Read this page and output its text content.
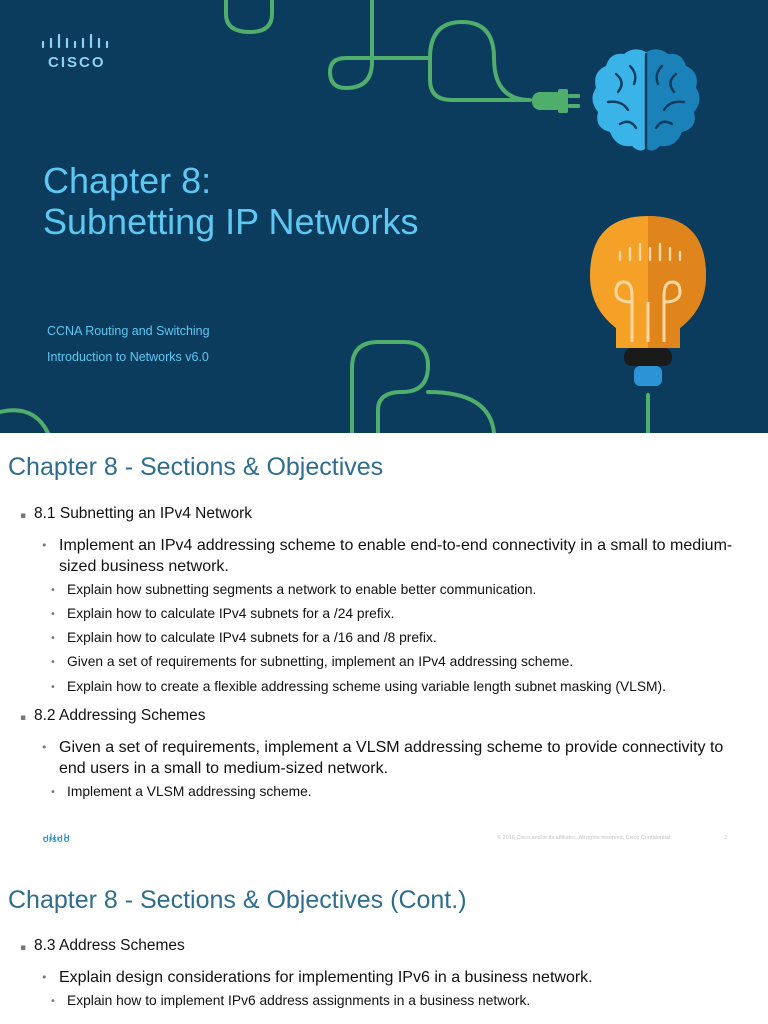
CISCO
Chapter 8:
Subnetting IP Networks
CCNA Routing and Switching
Introduction to Networks v6.0
Chapter 8 - Sections & Objectives
▪ 8.1 Subnetting an IPv4 Network
• Implement an IPv4 addressing scheme to enable end-to-end connectivity in a small to medium-sized business network.
• Explain how subnetting segments a network to enable better communication.
• Explain how to calculate IPv4 subnets for a /24 prefix.
• Explain how to calculate IPv4 subnets for a /16 and /8 prefix.
• Given a set of requirements for subnetting, implement an IPv4 addressing scheme.
• Explain how to create a flexible addressing scheme using variable length subnet masking (VLSM).
▪ 8.2 Addressing Schemes
• Given a set of requirements, implement a VLSM addressing scheme to provide connectivity to end users in a small to medium-sized network.
• Implement a VLSM addressing scheme.
CISCO	© 2016 Cisco and/or its affiliates. All rights reserved. Cisco Confidential	2
Chapter 8 - Sections & Objectives (Cont.)
▪ 8.3 Address Schemes
• Explain design considerations for implementing IPv6 in a business network.
• Explain how to implement IPv6 address assignments in a business network.
